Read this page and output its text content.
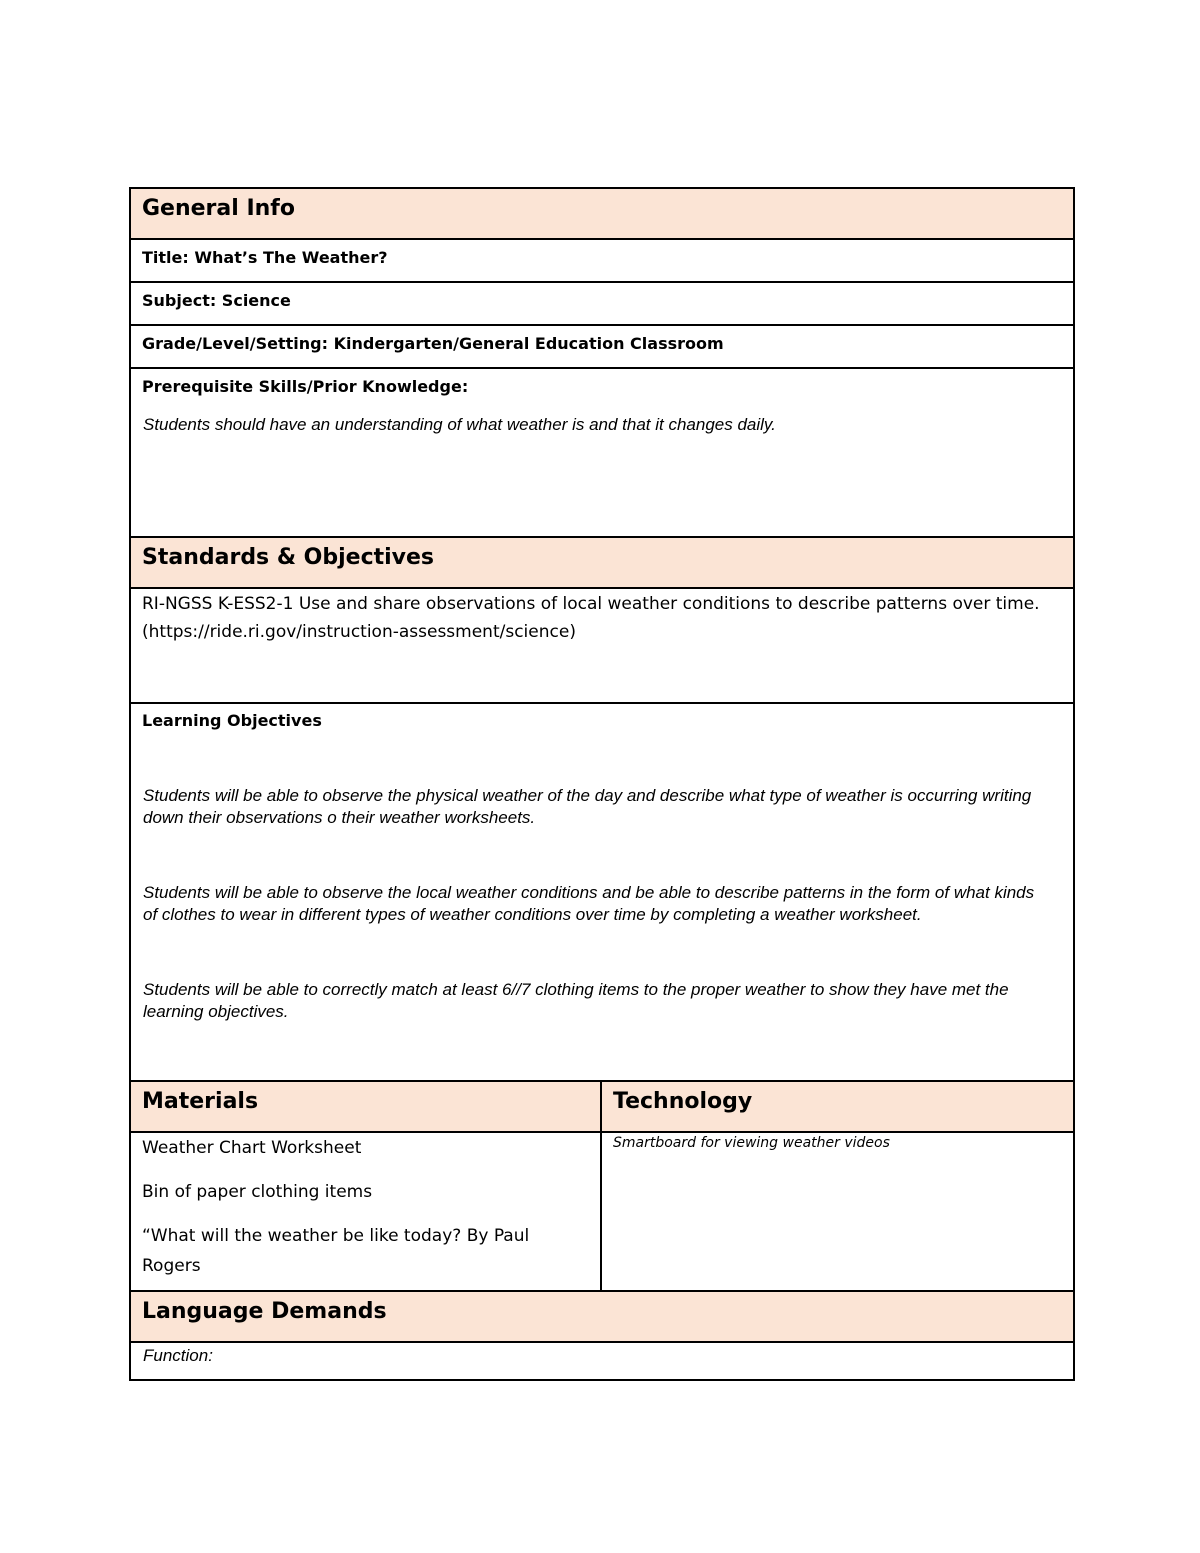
General Info
Title: What’s The Weather?
Subject: Science
Grade/Level/Setting: Kindergarten/General Education Classroom
Prerequisite Skills/Prior Knowledge:
Students should have an understanding of what weather is and that it changes daily.
Standards & Objectives
RI-NGSS K-ESS2-1 Use and share observations of local weather conditions to describe patterns over time.
(https://ride.ri.gov/instruction-assessment/science)
Learning Objectives
Students will be able to observe the physical weather of the day and describe what type of weather is occurring writing down their observations o their weather worksheets.
Students will be able to observe the local weather conditions and be able to describe patterns in the form of what kinds of clothes to wear in different types of weather conditions over time by completing a weather worksheet.
Students will be able to correctly match at least 6//7 clothing items to the proper weather to show they have met the learning objectives.
Materials	Technology
Weather Chart Worksheet
Bin of paper clothing items
“What will the weather be like today? By Paul Rogers
Smartboard for viewing weather videos
Language Demands
Function:
